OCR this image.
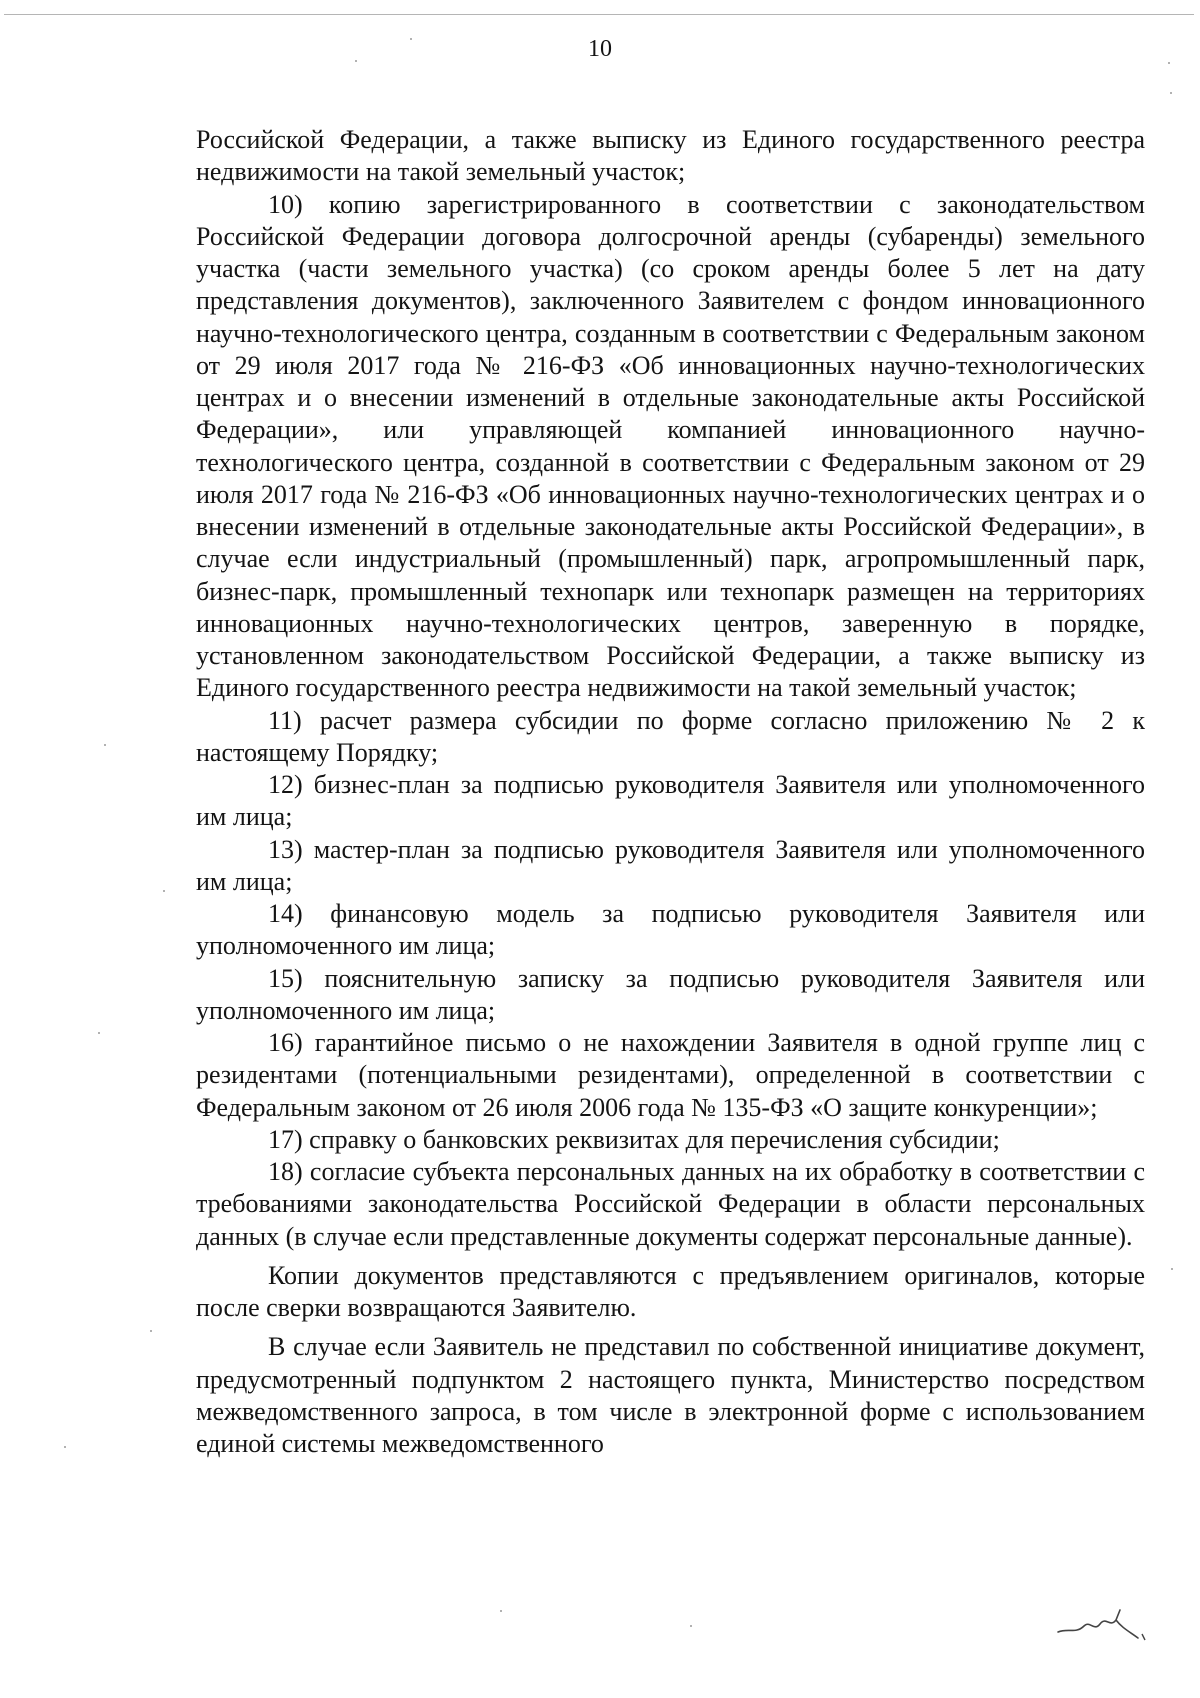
10

Российской Федерации, а также выписку из Единого государственного реестра недвижимости на такой земельный участок;

10) копию зарегистрированного в соответствии с законодательством Российской Федерации договора долгосрочной аренды (субаренды) земельного участка (части земельного участка) (со сроком аренды более 5 лет на дату представления документов), заключенного Заявителем с фондом инновационного научно-технологического центра, созданным в соответствии с Федеральным законом от 29 июля 2017 года № 216-ФЗ «Об инновационных научно-технологических центрах и о внесении изменений в отдельные законодательные акты Российской Федерации», или управляющей компанией инновационного научно-технологического центра, созданной в соответствии с Федеральным законом от 29 июля 2017 года № 216-ФЗ «Об инновационных научно-технологических центрах и о внесении изменений в отдельные законодательные акты Российской Федерации», в случае если индустриальный (промышленный) парк, агропромышленный парк, бизнес-парк, промышленный технопарк или технопарк размещен на территориях инновационных научно-технологических центров, заверенную в порядке, установленном законодательством Российской Федерации, а также выписку из Единого государственного реестра недвижимости на такой земельный участок;

11) расчет размера субсидии по форме согласно приложению № 2 к настоящему Порядку;

12) бизнес-план за подписью руководителя Заявителя или уполномоченного им лица;

13) мастер-план за подписью руководителя Заявителя или уполномоченного им лица;

14) финансовую модель за подписью руководителя Заявителя или уполномоченного им лица;

15) пояснительную записку за подписью руководителя Заявителя или уполномоченного им лица;

16) гарантийное письмо о не нахождении Заявителя в одной группе лиц с резидентами (потенциальными резидентами), определенной в соответствии с Федеральным законом от 26 июля 2006 года № 135-ФЗ «О защите конкуренции»;

17) справку о банковских реквизитах для перечисления субсидии;

18) согласие субъекта персональных данных на их обработку в соответствии с требованиями законодательства Российской Федерации в области персональных данных (в случае если представленные документы содержат персональные данные).

Копии документов представляются с предъявлением оригиналов, которые после сверки возвращаются Заявителю.

В случае если Заявитель не представил по собственной инициативе документ, предусмотренный подпунктом 2 настоящего пункта, Министерство посредством межведомственного запроса, в том числе в электронной форме с использованием единой системы межведомственного
